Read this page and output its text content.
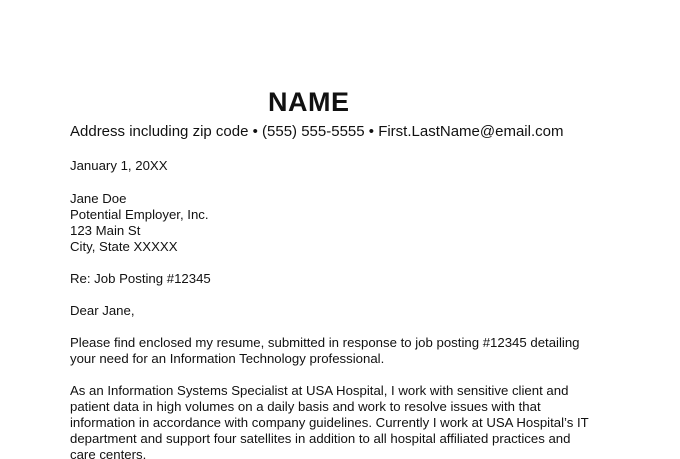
NAME
Address including zip code • (555) 555-5555 • First.LastName@email.com
January 1, 20XX
Jane Doe
Potential Employer, Inc.
123 Main St
City, State XXXXX
Re: Job Posting #12345
Dear Jane,
Please find enclosed my resume, submitted in response to job posting #12345 detailing
your need for an Information Technology professional.
As an Information Systems Specialist at USA Hospital, I work with sensitive client and
patient data in high volumes on a daily basis and work to resolve issues with that
information in accordance with company guidelines. Currently I work at USA Hospital’s IT
department and support four satellites in addition to all hospital affiliated practices and
care centers.
